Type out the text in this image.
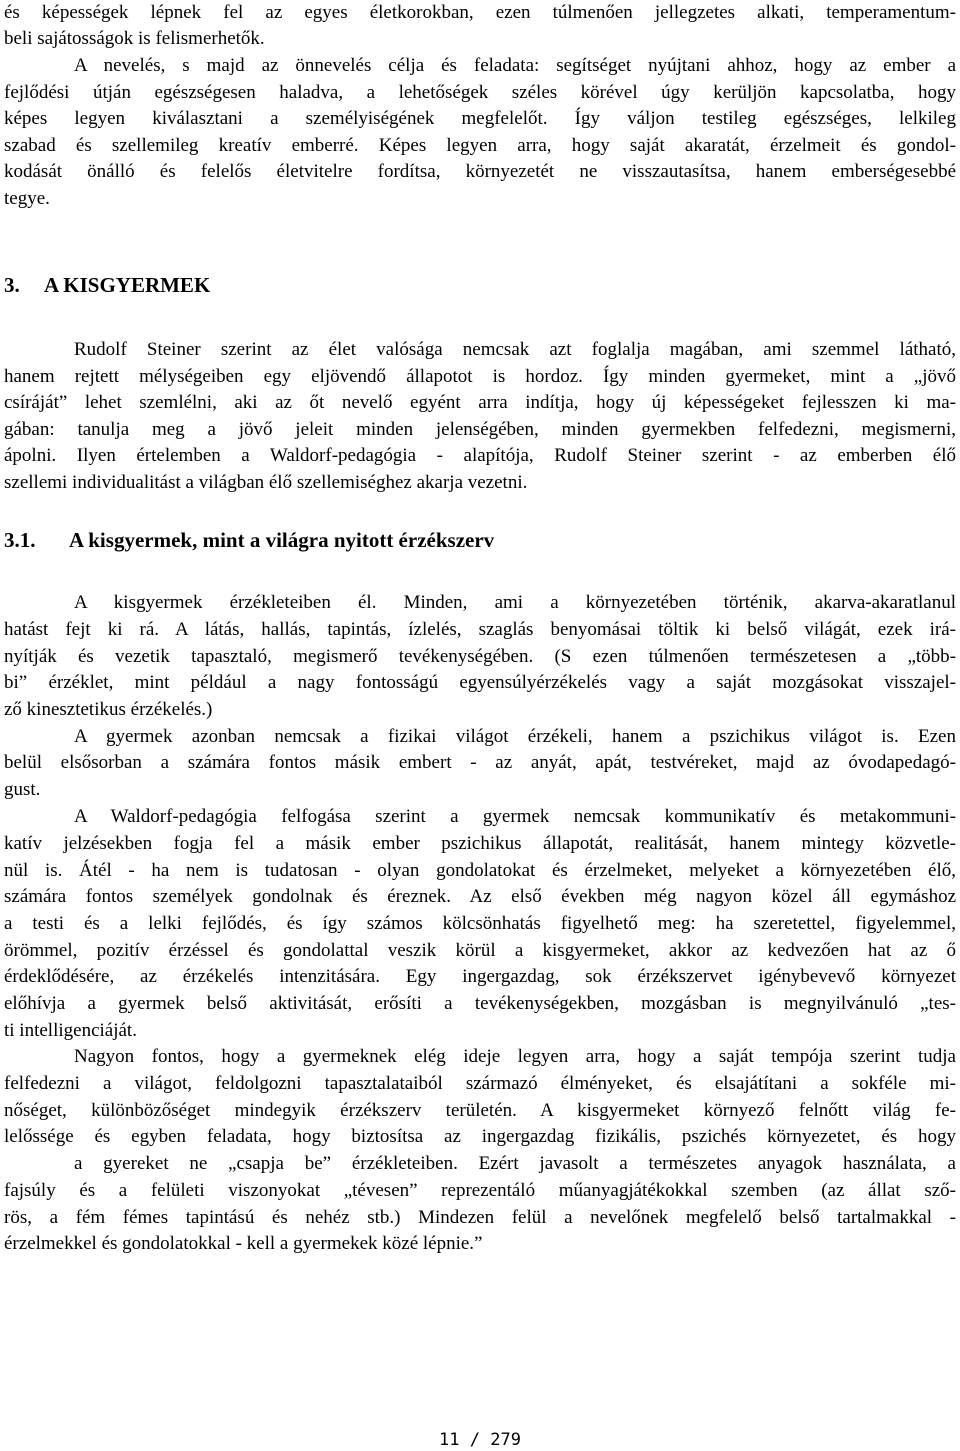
és képességek lépnek fel az egyes életkorokban, ezen túlmenően jellegzetes alkati, temperamentum-
beli sajátosságok is felismerhetők.
A nevelés, s majd az önnevelés célja és feladata: segítséget nyújtani ahhoz, hogy az ember a
fejlődési útján egészségesen haladva, a lehetőségek széles körével úgy kerüljön kapcsolatba, hogy
képes legyen kiválasztani a személyiségének megfelelőt. Így váljon testileg egészséges, lelkileg
szabad és szellemileg kreatív emberré. Képes legyen arra, hogy saját akaratát, érzelmeit és gondol-
kodását önálló és felelős életvitelre fordítsa, környezetét ne visszautasítsa, hanem emberségesebbé
tegye.
3. A KISGYERMEK
Rudolf Steiner szerint az élet valósága nemcsak azt foglalja magában, ami szemmel látható,
hanem rejtett mélységeiben egy eljövendő állapotot is hordoz. Így minden gyermeket, mint a „jövő
csíráját” lehet szemlélni, aki az őt nevelő egyént arra indítja, hogy új képességeket fejlesszen ki ma-
gában: tanulja meg a jövő jeleit minden jelenségében, minden gyermekben felfedezni, megismerni,
ápolni. Ilyen értelemben a Waldorf-pedagógia - alapítója, Rudolf Steiner szerint - az emberben élő
szellemi individualitást a világban élő szellemiséghez akarja vezetni.
3.1. A kisgyermek, mint a világra nyitott érzékszerv
A kisgyermek érzékleteiben él. Minden, ami a környezetében történik, akarva-akaratlanul
hatást fejt ki rá. A látás, hallás, tapintás, ízlelés, szaglás benyomásai töltik ki belső világát, ezek irá-
nyítják és vezetik tapasztaló, megismerő tevékenységében. (S ezen túlmenően természetesen a „több-
bi” érzéklet, mint például a nagy fontosságú egyensúlyérzékelés vagy a saját mozgásokat visszajel-
ző kinesztetikus érzékelés.)
A gyermek azonban nemcsak a fizikai világot érzékeli, hanem a pszichikus világot is. Ezen
belül elsősorban a számára fontos másik embert - az anyát, apát, testvéreket, majd az óvodapedagó-
gust.
A Waldorf-pedagógia felfogása szerint a gyermek nemcsak kommunikatív és metakommuni-
katív jelzésekben fogja fel a másik ember pszichikus állapotát, realitását, hanem mintegy közvetle-
nül is. Átél - ha nem is tudatosan - olyan gondolatokat és érzelmeket, melyeket a környezetében élő,
számára fontos személyek gondolnak és éreznek. Az első években még nagyon közel áll egymáshoz
a testi és a lelki fejlődés, és így számos kölcsönhatás figyelhető meg: ha szeretettel, figyelemmel,
örömmel, pozitív érzéssel és gondolattal veszik körül a kisgyermeket, akkor az kedvezően hat az ő
érdeklődésére, az érzékelés intenzitására. Egy ingergazdag, sok érzékszervet igénybevevő környezet
előhívja a gyermek belső aktivitását, erősíti a tevékenységekben, mozgásban is megnyilvánuló „tes-
ti intelligenciáját.
Nagyon fontos, hogy a gyermeknek elég ideje legyen arra, hogy a saját tempója szerint tudja
felfedezni a világot, feldolgozni tapasztalataiból származó élményeket, és elsajátítani a sokféle mi-
nőséget, különbözőséget mindegyik érzékszerv területén. A kisgyermeket környező felnőtt világ fe-
lelőssége és egyben feladata, hogy biztosítsa az ingergazdag fizikális, pszichés környezetet, és hogy
a gyereket ne „csapja be” érzékleteiben. Ezért javasolt a természetes anyagok használata, a
fajsúly és a felületi viszonyokat „tévesen” reprezentáló műanyagjátékokkal szemben (az állat sző-
rös, a fém fémes tapintású és nehéz stb.) Mindezen felül a nevelőnek megfelelő belső tartalmakkal -
érzelmekkel és gondolatokkal - kell a gyermekek közé lépnie.”
11 / 279
